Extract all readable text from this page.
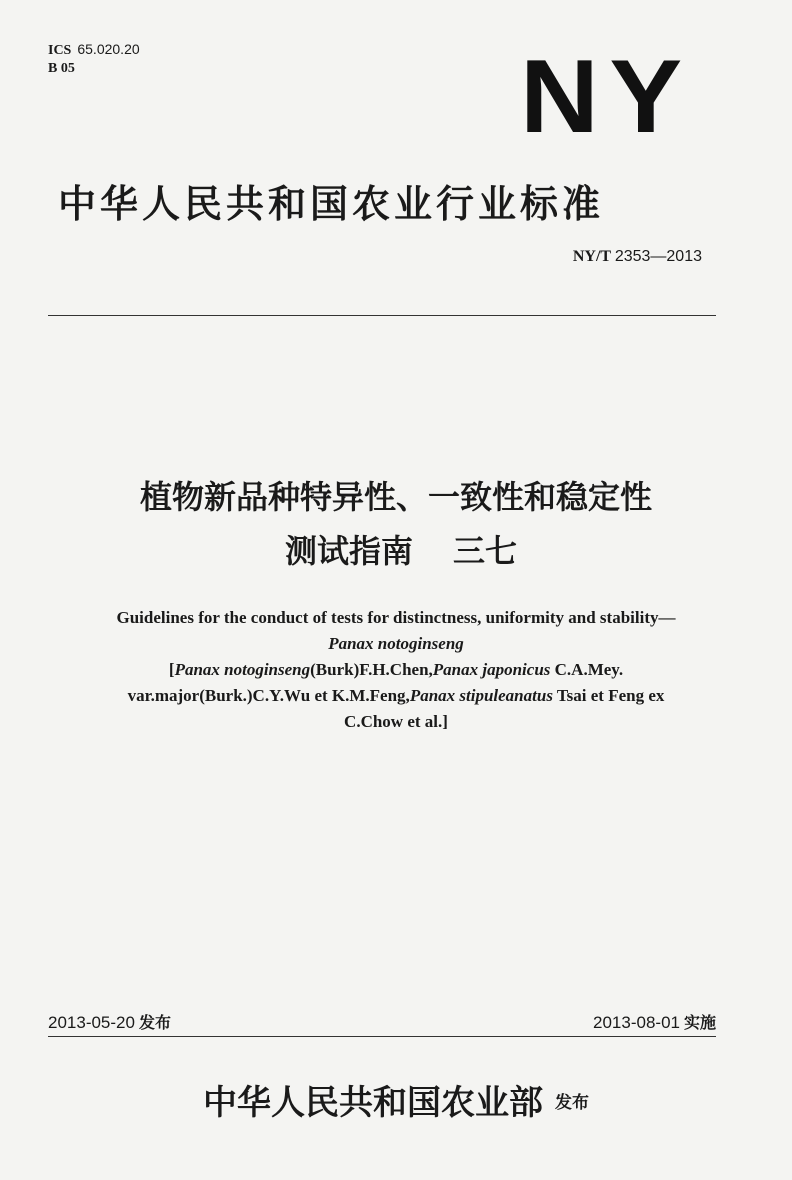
ICS 65.020.20
B 05	NY
中华人民共和国农业行业标准
NY/T 2353—2013
植物新品种特异性、一致性和稳定性
测试指南 三七
Guidelines for the conduct of tests for distinctness, uniformity and stability—
Panax notoginseng
[Panax notoginseng(Burk)F.H.Chen,Panax japonicus C.A.Mey.
var.major(Burk.)C.Y.Wu et K.M.Feng,Panax stipuleanatus Tsai et Feng ex
C.Chow et al.]
2013-05-20 发布	2013-08-01 实施
中华人民共和国农业部 发布
